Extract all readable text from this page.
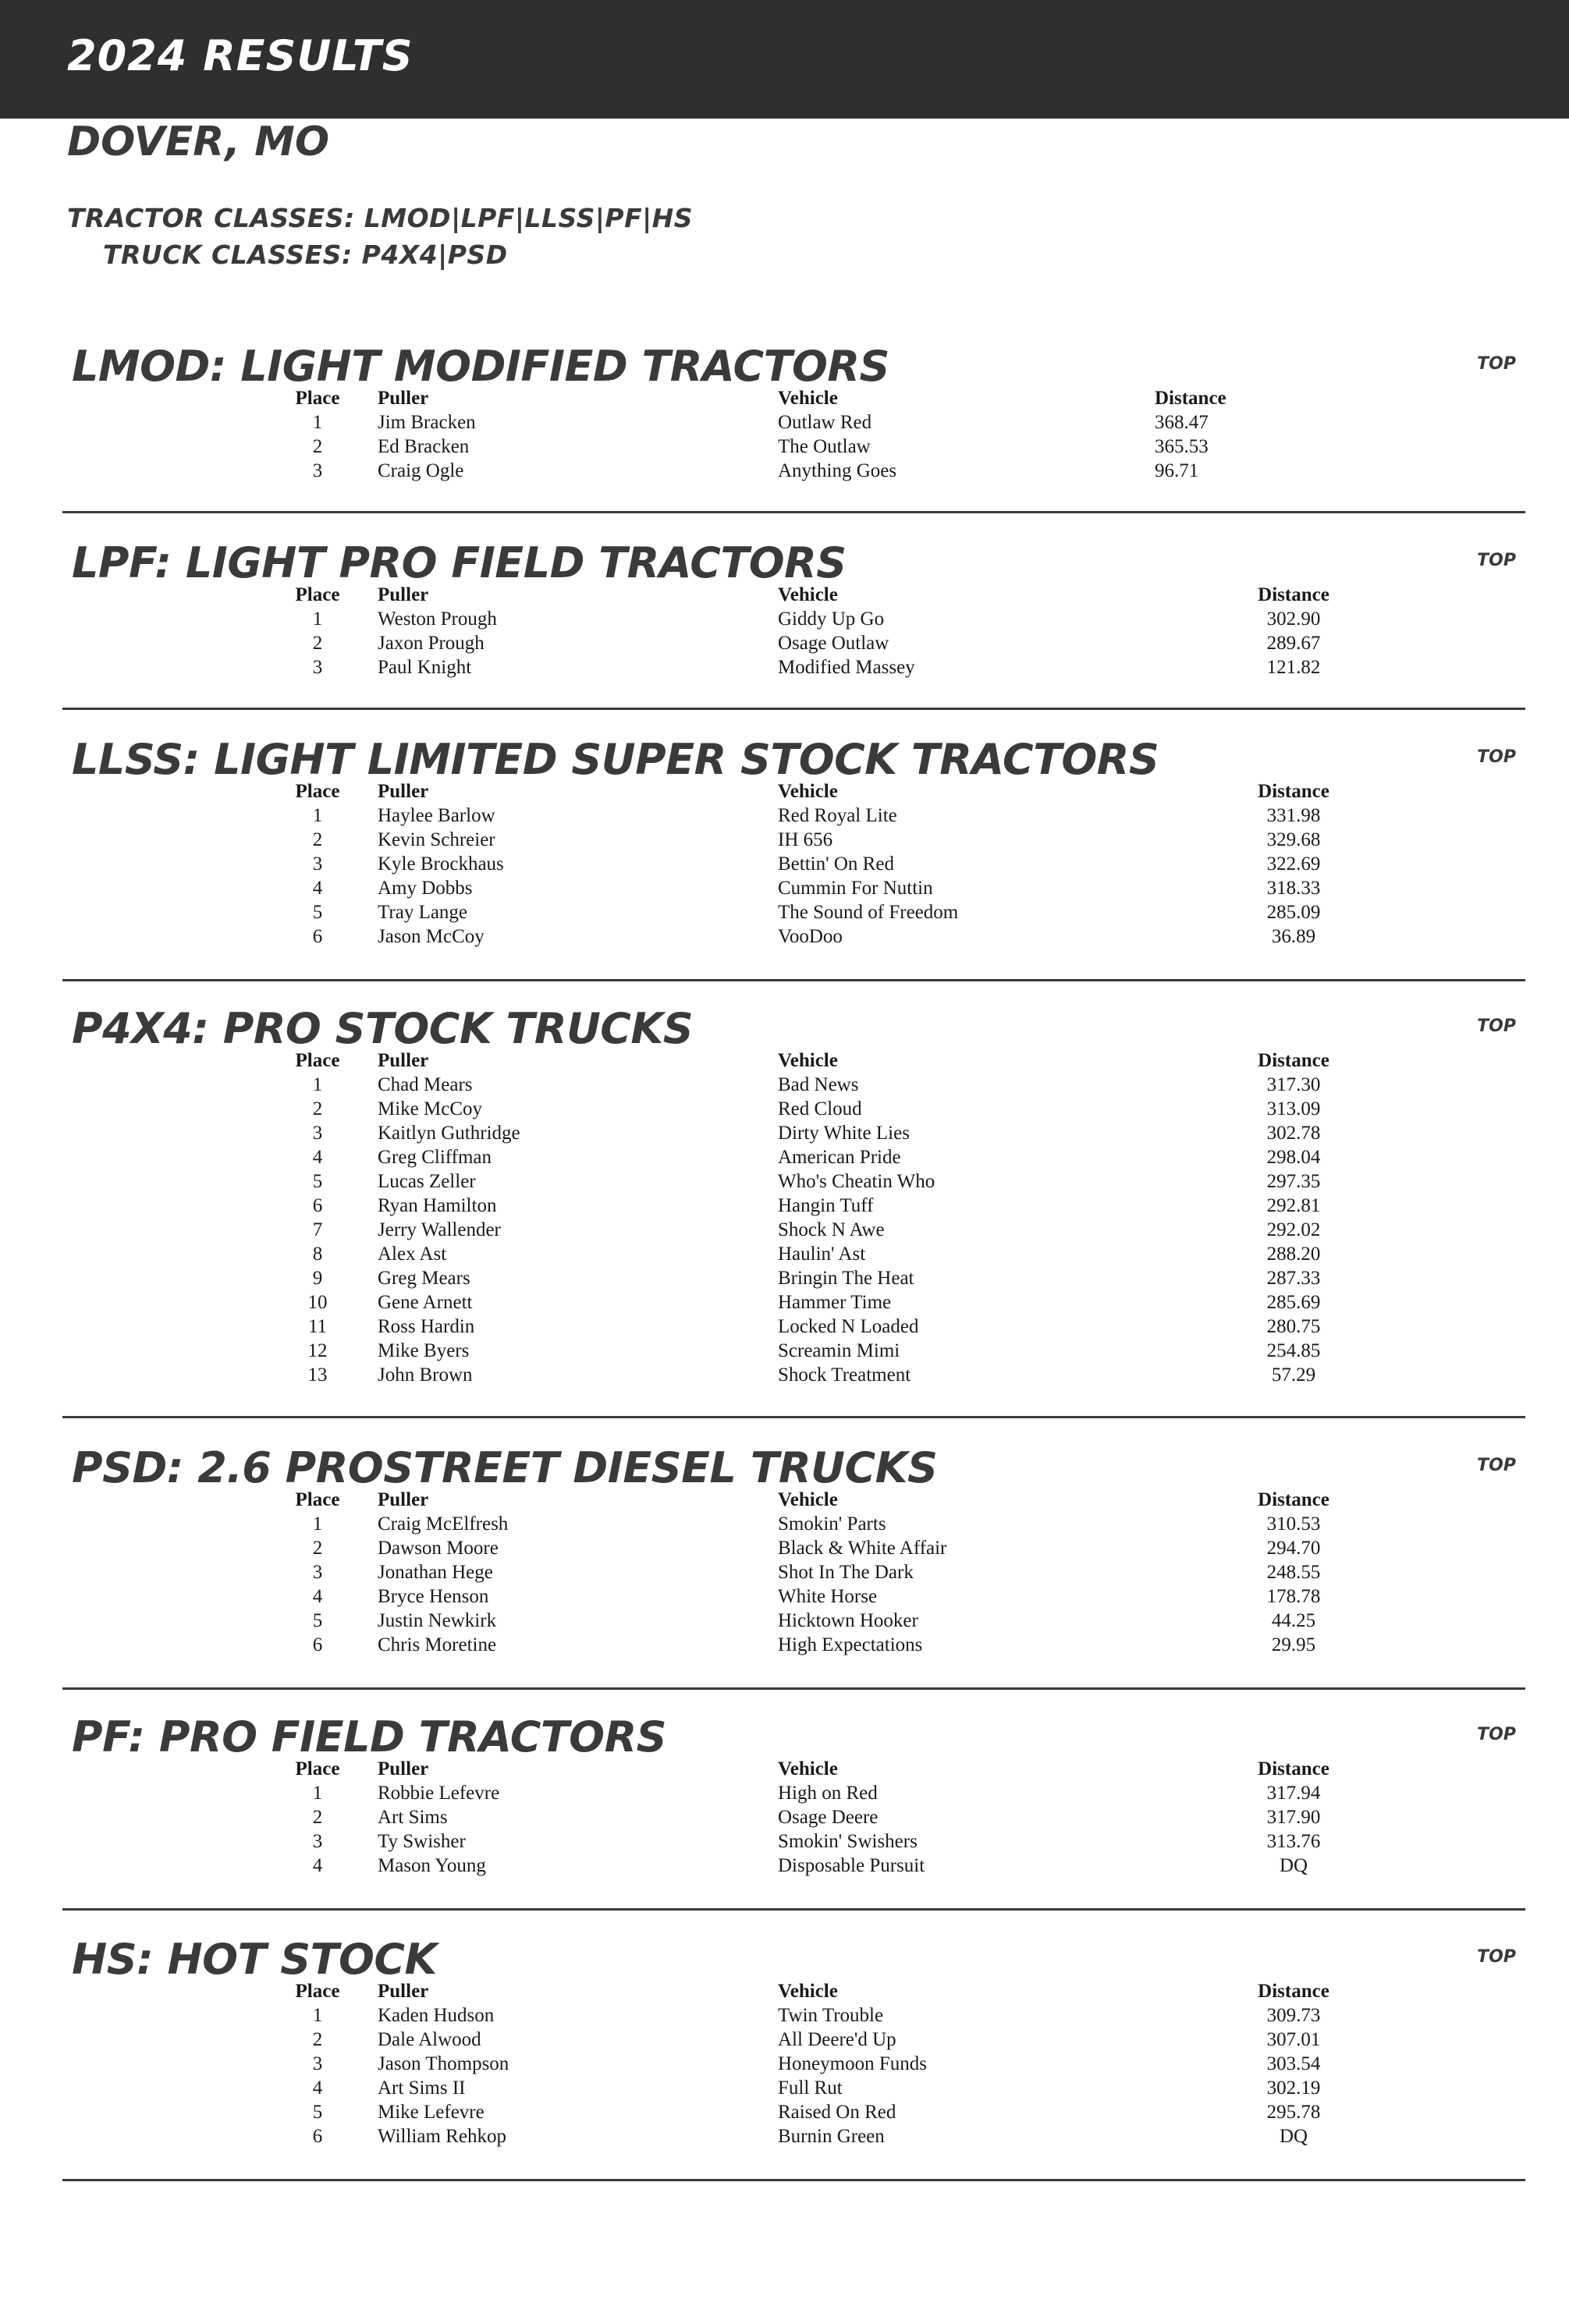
2024 RESULTS
DOVER, MO
TRACTOR CLASSES: LMOD|LPF|LLSS|PF|HS
TRUCK CLASSES: P4X4|PSD
LMOD: LIGHT MODIFIED TRACTORS	TOP
Place	Puller	Vehicle	Distance
1	Jim Bracken	Outlaw Red	368.47
2	Ed Bracken	The Outlaw	365.53
3	Craig Ogle	Anything Goes	96.71
LPF: LIGHT PRO FIELD TRACTORS	TOP
Place	Puller	Vehicle	Distance
1	Weston Prough	Giddy Up Go	302.90
2	Jaxon Prough	Osage Outlaw	289.67
3	Paul Knight	Modified Massey	121.82
LLSS: LIGHT LIMITED SUPER STOCK TRACTORS	TOP
Place	Puller	Vehicle	Distance
1	Haylee Barlow	Red Royal Lite	331.98
2	Kevin Schreier	IH 656	329.68
3	Kyle Brockhaus	Bettin' On Red	322.69
4	Amy Dobbs	Cummin For Nuttin	318.33
5	Tray Lange	The Sound of Freedom	285.09
6	Jason McCoy	VooDoo	36.89
P4X4: PRO STOCK TRUCKS	TOP
Place	Puller	Vehicle	Distance
1	Chad Mears	Bad News	317.30
2	Mike McCoy	Red Cloud	313.09
3	Kaitlyn Guthridge	Dirty White Lies	302.78
4	Greg Cliffman	American Pride	298.04
5	Lucas Zeller	Who's Cheatin Who	297.35
6	Ryan Hamilton	Hangin Tuff	292.81
7	Jerry Wallender	Shock N Awe	292.02
8	Alex Ast	Haulin' Ast	288.20
9	Greg Mears	Bringin The Heat	287.33
10	Gene Arnett	Hammer Time	285.69
11	Ross Hardin	Locked N Loaded	280.75
12	Mike Byers	Screamin Mimi	254.85
13	John Brown	Shock Treatment	57.29
PSD: 2.6 PROSTREET DIESEL TRUCKS	TOP
Place	Puller	Vehicle	Distance
1	Craig McElfresh	Smokin' Parts	310.53
2	Dawson Moore	Black & White Affair	294.70
3	Jonathan Hege	Shot In The Dark	248.55
4	Bryce Henson	White Horse	178.78
5	Justin Newkirk	Hicktown Hooker	44.25
6	Chris Moretine	High Expectations	29.95
PF: PRO FIELD TRACTORS	TOP
Place	Puller	Vehicle	Distance
1	Robbie Lefevre	High on Red	317.94
2	Art Sims	Osage Deere	317.90
3	Ty Swisher	Smokin' Swishers	313.76
4	Mason Young	Disposable Pursuit	DQ
HS: HOT STOCK	TOP
Place	Puller	Vehicle	Distance
1	Kaden Hudson	Twin Trouble	309.73
2	Dale Alwood	All Deere'd Up	307.01
3	Jason Thompson	Honeymoon Funds	303.54
4	Art Sims II	Full Rut	302.19
5	Mike Lefevre	Raised On Red	295.78
6	William Rehkop	Burnin Green	DQ
